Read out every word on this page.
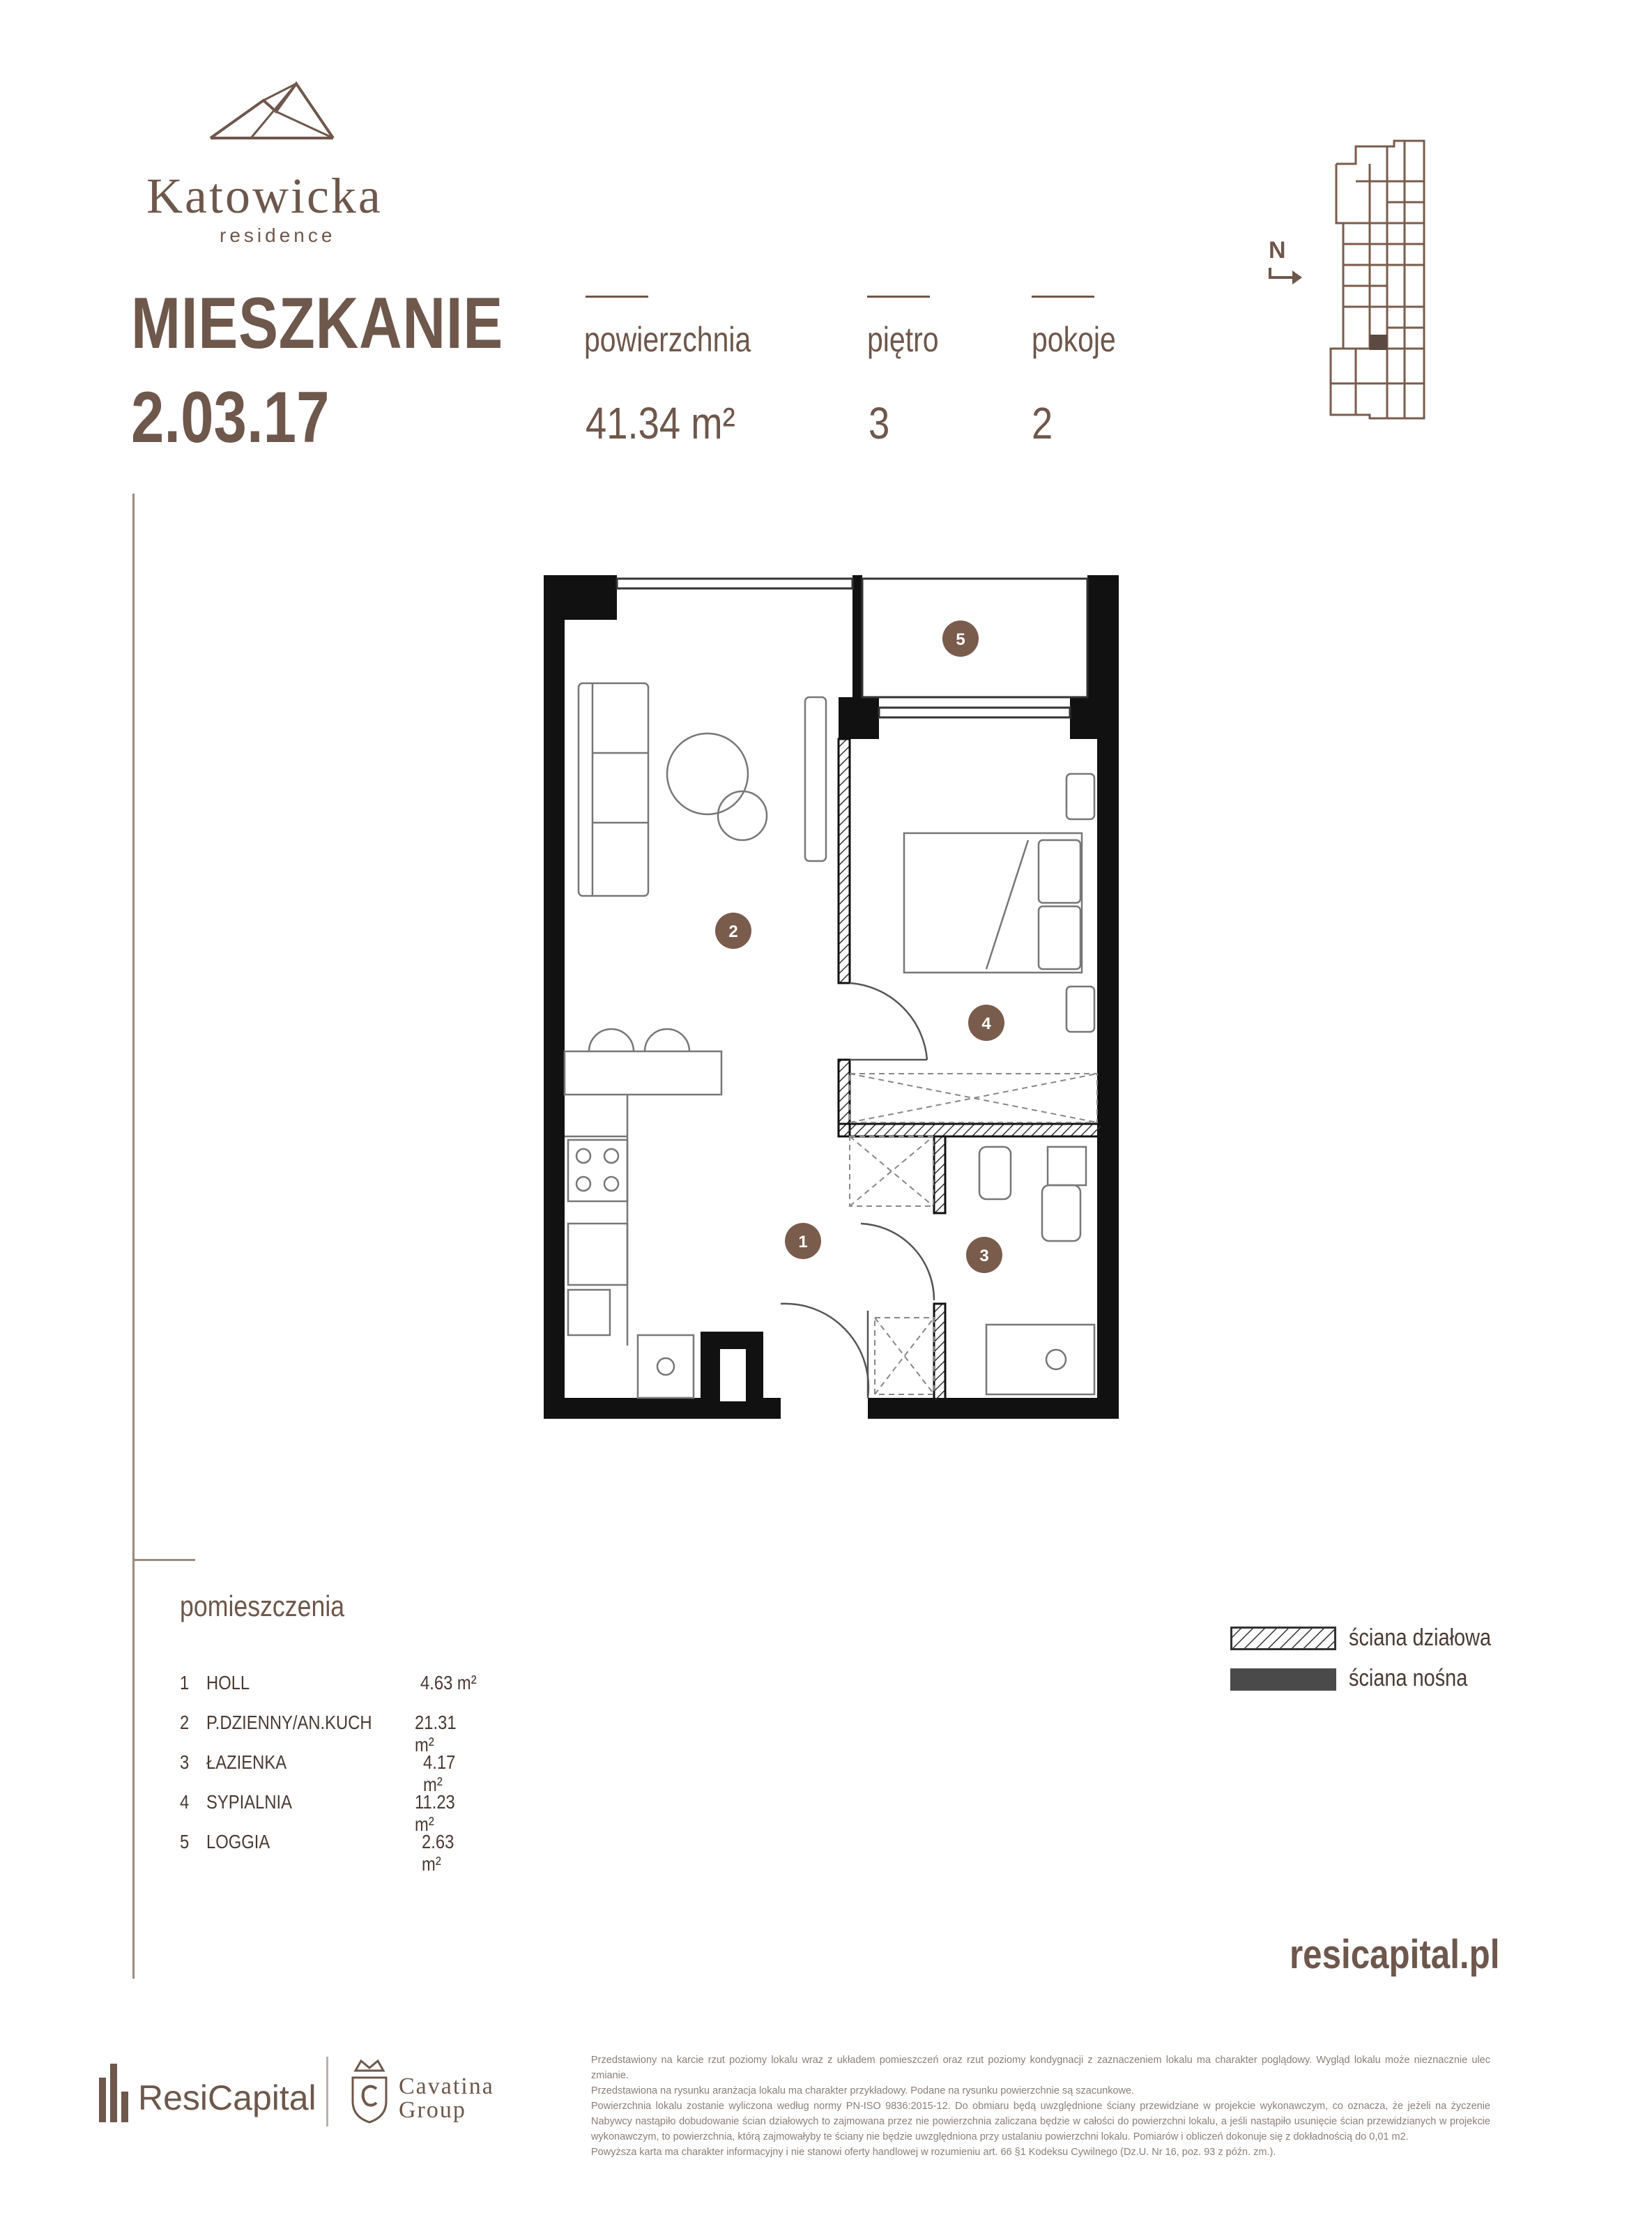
Katowicka
residence
MIESZKANIE
2.03.17
powierzchnia
41.34 m²
piętro
3
pokoje
2
N
1
2
3
4
5
pomieszczenia
1 HOLL	4.63 m²
2 P.DZIENNY/AN.KUCH 21.31 m²
3 ŁAZIENKA	4.17 m²
4 SYPIALNIA	11.23 m²
5 LOGGIA	2.63 m²
ściana działowa
ściana nośna
resicapital.pl
ResiCapital	Cavatina
Group

Przedstawiony na karcie rzut poziomy lokalu wraz z układem pomieszczeń oraz rzut poziomy kondygnacji z zaznaczeniem lokalu ma charakter poglądowy. Wygląd lokalu może nieznacznie ulec zmianie.

Przedstawiona na rysunku aranżacja lokalu ma charakter przykładowy. Podane na rysunku powierzchnie są szacunkowe.

Powierzchnia lokalu zostanie wyliczona według normy PN-ISO 9836:2015-12. Do obmiaru będą uwzględnione ściany przewidziane w projekcie wykonawczym, co oznacza, że jeżeli na życzenie Nabywcy nastąpiło dobudowanie ścian działowych to zajmowana przez nie powierzchnia zaliczana będzie w całości do powierzchni lokalu, a jeśli nastąpiło usunięcie ścian przewidzianych w projekcie wykonawczym, to powierzchnia, którą zajmowałyby te ściany nie będzie uwzględniona przy ustalaniu powierzchni lokalu. Pomiarów i obliczeń dokonuje się z dokładnością do 0,01 m2.

Powyższa karta ma charakter informacyjny i nie stanowi oferty handlowej w rozumieniu art. 66 §1 Kodeksu Cywilnego (Dz.U. Nr 16, poz. 93 z późn. zm.).
